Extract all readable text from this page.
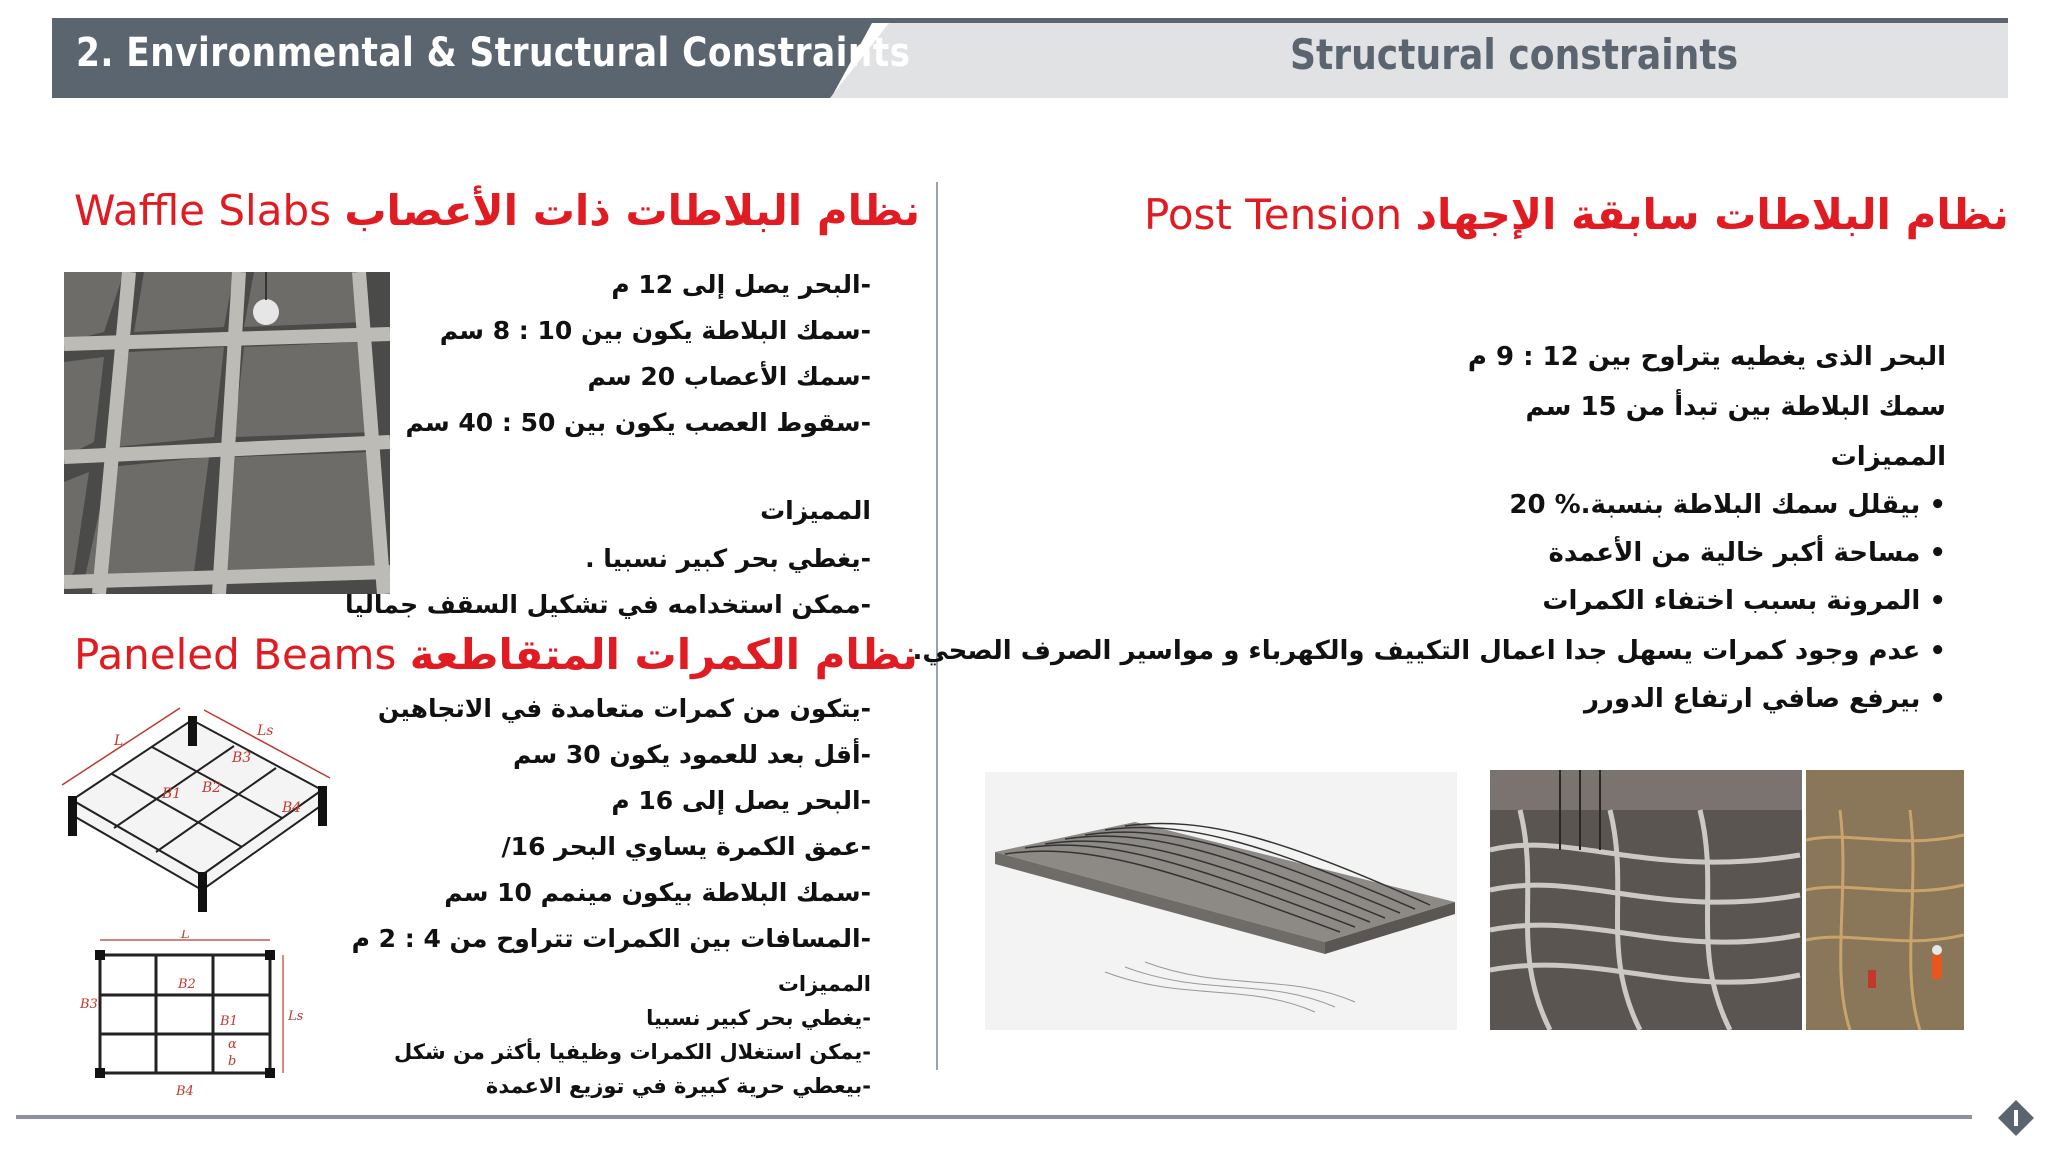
2. Environmental & Structural Constraints	Structural constraints
Waffle Slabs نظام البلاطات ذات الأعصاب
-البحر يصل إلى 12 م
-سمك البلاطة يكون بين 10 : 8 سم
-سمك الأعصاب 20 سم
-سقوط العصب يكون بين 50 : 40 سم
المميزات
-يغطي بحر كبير نسبيا .
-ممكن استخدامه في تشكيل السقف جماليا
Paneled Beams نظام الكمرات المتقاطعة
L
Ls
B3
B1 B2
B4
L
Ls
B3
B2
B1
α
b
B4
-يتكون من كمرات متعامدة في الاتجاهين
-أقل بعد للعمود يكون 30 سم
-البحر يصل إلى 16 م
-عمق الكمرة يساوي البحر 16/
-سمك البلاطة بيكون مينمم 10 سم
-المسافات بين الكمرات تتراوح من 4 : 2 م
المميزات
-يغطي بحر كبير نسبيا
-يمكن استغلال الكمرات وظيفيا بأكثر من شكل
-بيعطي حرية كبيرة في توزيع الاعمدة
Post Tension نظام البلاطات سابقة الإجهاد
البحر الذى يغطيه يتراوح بين 12 : 9 م
سمك البلاطة بين تبدأ من 15 سم
المميزات
• بيقلل سمك البلاطة بنسبة.% 20
• مساحة أكبر خالية من الأعمدة
• المرونة بسبب اختفاء الكمرات
• عدم وجود كمرات يسهل جدا اعمال التكييف والكهرباء و مواسير الصرف الصحي.
• بيرفع صافي ارتفاع الدورر
